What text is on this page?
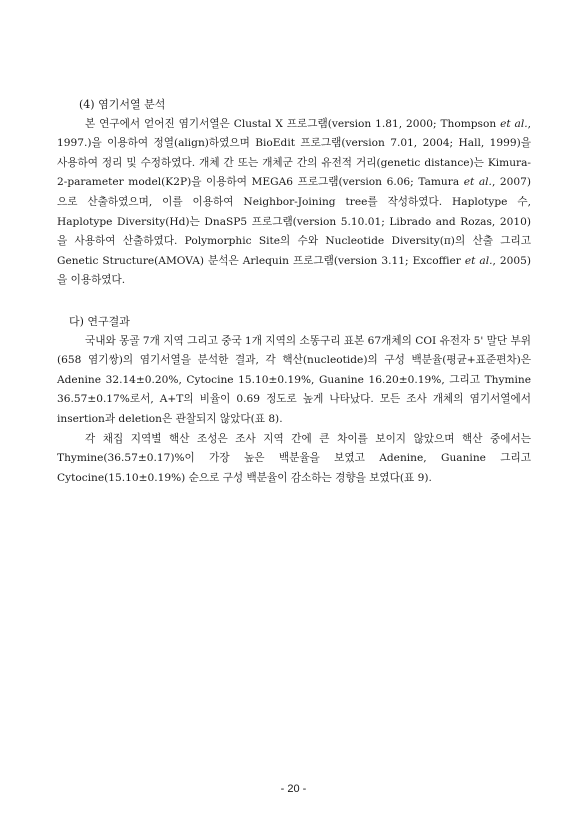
(4) 염기서열 분석

본 연구에서 얻어진 염기서열은 Clustal X 프로그램(version 1.81, 2000; Thompson et al., 1997.)을 이용하여 정열(align)하였으며 BioEdit 프로그램(version 7.01, 2004; Hall, 1999)을 사용하여 정리 및 수정하였다. 개체 간 또는 개체군 간의 유전적 거리(genetic distance)는 Kimura-2-parameter model(K2P)을 이용하여 MEGA6 프로그램(version 6.06; Tamura et al., 2007)으로 산출하였으며, 이를 이용하여 Neighbor-Joining tree를 작성하였다. Haplotype 수, Haplotype Diversity(Hd)는 DnaSP5 프로그램(version 5.10.01; Librado and Rozas, 2010)을 사용하여 산출하였다. Polymorphic Site의 수와 Nucleotide Diversity(π)의 산출 그리고 Genetic Structure(AMOVA) 분석은 Arlequin 프로그램(version 3.11; Excoffier et al., 2005)을 이용하였다.

다) 연구결과

국내와 몽골 7개 지역 그리고 중국 1개 지역의 소똥구리 표본 67개체의 COI 유전자 5' 말단 부위(658 염기쌍)의 염기서열을 분석한 결과, 각 핵산(nucleotide)의 구성 백분율(평균+표준편차)은 Adenine 32.14±0.20%, Cytocine 15.10±0.19%, Guanine 16.20±0.19%, 그리고 Thymine 36.57±0.17%로서, A+T의 비율이 0.69 정도로 높게 나타났다. 모든 조사 개체의 염기서열에서 insertion과 deletion은 관찰되지 않았다(표 8).

각 채집 지역별 핵산 조성은 조사 지역 간에 큰 차이를 보이지 않았으며 핵산 중에서는 Thymine(36.57±0.17)%이 가장 높은 백분율을 보였고 Adenine, Guanine 그리고 Cytocine(15.10±0.19%) 순으로 구성 백분율이 감소하는 경향을 보였다(표 9).

- 20 -
